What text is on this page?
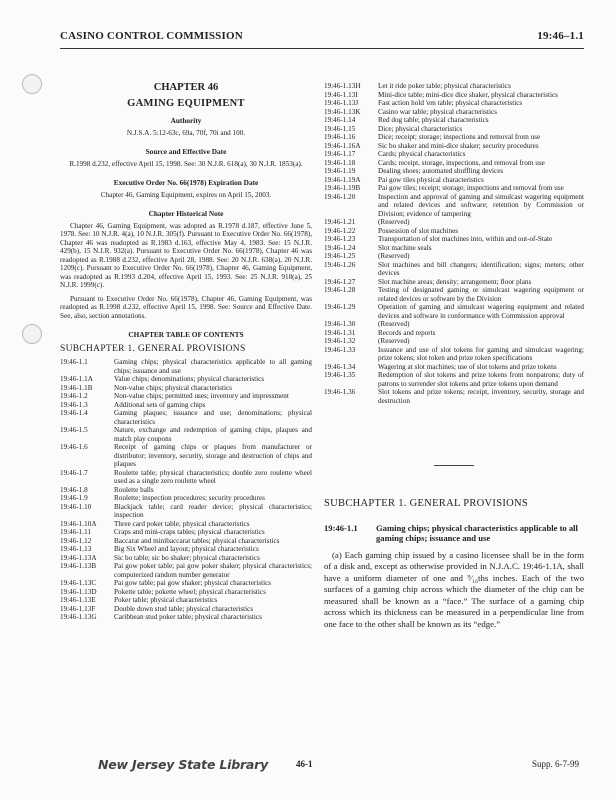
CASINO CONTROL COMMISSION	19:46–1.1
CHAPTER 46
GAMING EQUIPMENT
Authority
N.J.S.A. 5:12-63c, 69a, 70f, 70i and 100.
Source and Effective Date
R.1998 d.232, effective April 15, 1998. See: 30 N.J.R. 618(a), 30 N.J.R. 1853(a).
Executive Order No. 66(1978) Expiration Date
Chapter 46, Gaming Equipment, expires on April 15, 2003.
Chapter Historical Note
Chapter 46, Gaming Equipment, was adopted as R.1978 d.187, effective June 5, 1978. See: 10 N.J.R. 4(a), 10 N.J.R. 305(f). Pursuant to Executive Order No. 66(1978), Chapter 46 was readopted as R.1983 d.163, effective May 4, 1983. See: 15 N.J.R. 429(b), 15 N.J.R. 932(a). Pursuant to Executive Order No. 66(1978), Chapter 46 was readopted as R.1988 d.232, effective April 28, 1988. See: 20 N.J.R. 638(a), 20 N.J.R. 1209(c). Pursuant to Executive Order No. 66(1978), Chapter 46, Gaming Equipment, was readopted as R.1993 d.204, effective April 15, 1993. See: 25 N.J.R. 918(a), 25 N.J.R. 1999(c).
Pursuant to Executive Order No. 66(1978), Chapter 46, Gaming Equipment, was readopted as R.1998 d.232, effective April 15, 1998. See: Source and Effective Date. See, also, section annotations.
CHAPTER TABLE OF CONTENTS
SUBCHAPTER 1. GENERAL PROVISIONS
19:46-1.1	Gaming chips; physical characteristics applicable to all gaming chips; issuance and use
19:46-1.1A	Value chips; denominations; physical characteristics
19:46-1.1B	Non-value chips; physical characteristics
19:46-1.2	Non-value chips; permitted uses; inventory and impressment
19:46-1.3	Additional sets of gaming chips
19:46-1.4	Gaming plaques; issuance and use; denominations; physical characteristics
19:46-1.5	Nature, exchange and redemption of gaming chips, plaques and match play coupons
19:46-1.6	Receipt of gaming chips or plaques from manufacturer or distributor; inventory, security, storage and destruction of chips and plaques
19:46-1.7	Roulette table; physical characteristics; double zero roulette wheel used as a single zero roulette wheel
19:46-1.8	Roulette balls
19:46-1.9	Roulette; inspection procedures; security procedures
19:46-1.10	Blackjack table; card reader device; physical characteristics; inspection
19:46-1.10A	Three card poker table; physical characteristics
19:46-1.11	Craps and mini-craps tables; physical characteristics
19:46-1.12	Baccarat and minibaccarat tables; physical characteristics
19:46-1.13	Big Six Wheel and layout; physical characteristics
19:46-1.13A	Sic bo table; sic bo shaker; physical characteristics
19:46-1.13B	Pai gow poker table; pai gow poker shaker; physical characteristics; computerized random number generator
19:46-1.13C	Pai gow table; pai gow shaker; physical characteristics
19:46-1.13D	Pokette table; pokette wheel; physical characteristics
19:46-1.13E	Poker table; physical characteristics
19:46-1.13F	Double down stud table; physical characteristics
19:46-1.13G	Caribbean stud poker table; physical characteristics
19:46-1.13H	Let it ride poker table; physical characteristics
19:46-1.13I	Mini-dice table; mini-dice dice shaker, physical characteristics
19:46-1.13J	Fast action hold 'em table; physical characteristics
19:46-1.13K	Casino war table; physical characteristics
19:46-1.14	Red dog table; physical characteristics
19:46-1.15	Dice; physical characteristics
19:46-1.16	Dice; receipt; storage; inspections and removal from use
19:46-1.16A	Sic bo shaker and mini-dice shaker; security procedures
19:46-1.17	Cards; physical characteristics
19:46-1.18	Cards; receipt, storage, inspections, and removal from use
19:46-1.19	Dealing shoes; automated shuffling devices
19:46-1.19A	Pai gow tiles physical characteristics
19:46-1.19B	Pai gow tiles; receipt; storage; inspections and removal from use
19:46-1.20	Inspection and approval of gaming and simulcast wagering equipment and related devices and software; retention by Commission or Division; evidence of tampering
19:46-1.21	(Reserved)
19:46-1.22	Possession of slot machines
19:46-1.23	Transportation of slot machines into, within and out-of-State
19:46-1.24	Slot machine seals
19:46-1.25	(Reserved)
19:46-1.26	Slot machines and bill changers; identification; signs; meters; other devices
19:46-1.27	Slot machine areas; density; arrangement; floor plans
19:46-1.28	Testing of designated gaming or simulcast wagering equipment or related devices or software by the Division
19:46-1.29	Operation of gaming and simulcast wagering equipment and related devices and software in conformance with Commission approval
19:46-1.30	(Reserved)
19:46-1.31	Records and reports
19:46-1.32	(Reserved)
19:46-1.33	Issuance and use of slot tokens for gaming and simulcast wagering; prize tokens; slot token and prize token specifications
19:46-1.34	Wagering at slot machines; use of slot tokens and prize tokens
19:46-1.35	Redemption of slot tokens and prize tokens from nonpatrons; duty of patrons to surrender slot tokens and prize tokens upon demand
19:46-1.36	Slot tokens and prize tokens; receipt, inventory, security, storage and destruction
SUBCHAPTER 1. GENERAL PROVISIONS
19:46-1.1	Gaming chips; physical characteristics applicable to all gaming chips; issuance and use
(a) Each gaming chip issued by a casino licensee shall be in the form of a disk and, except as otherwise provided in N.J.A.C. 19:46-1.1A, shall have a uniform diameter of one and ⁹⁄₁₆ths inches. Each of the two surfaces of a gaming chip across which the diameter of the chip can be measured shall be known as a “face.” The surface of a gaming chip across which its thickness can be measured in a perpendicular line from one face to the other shall be known as its “edge.”
New Jersey State Library	46-1	Supp. 6-7-99
